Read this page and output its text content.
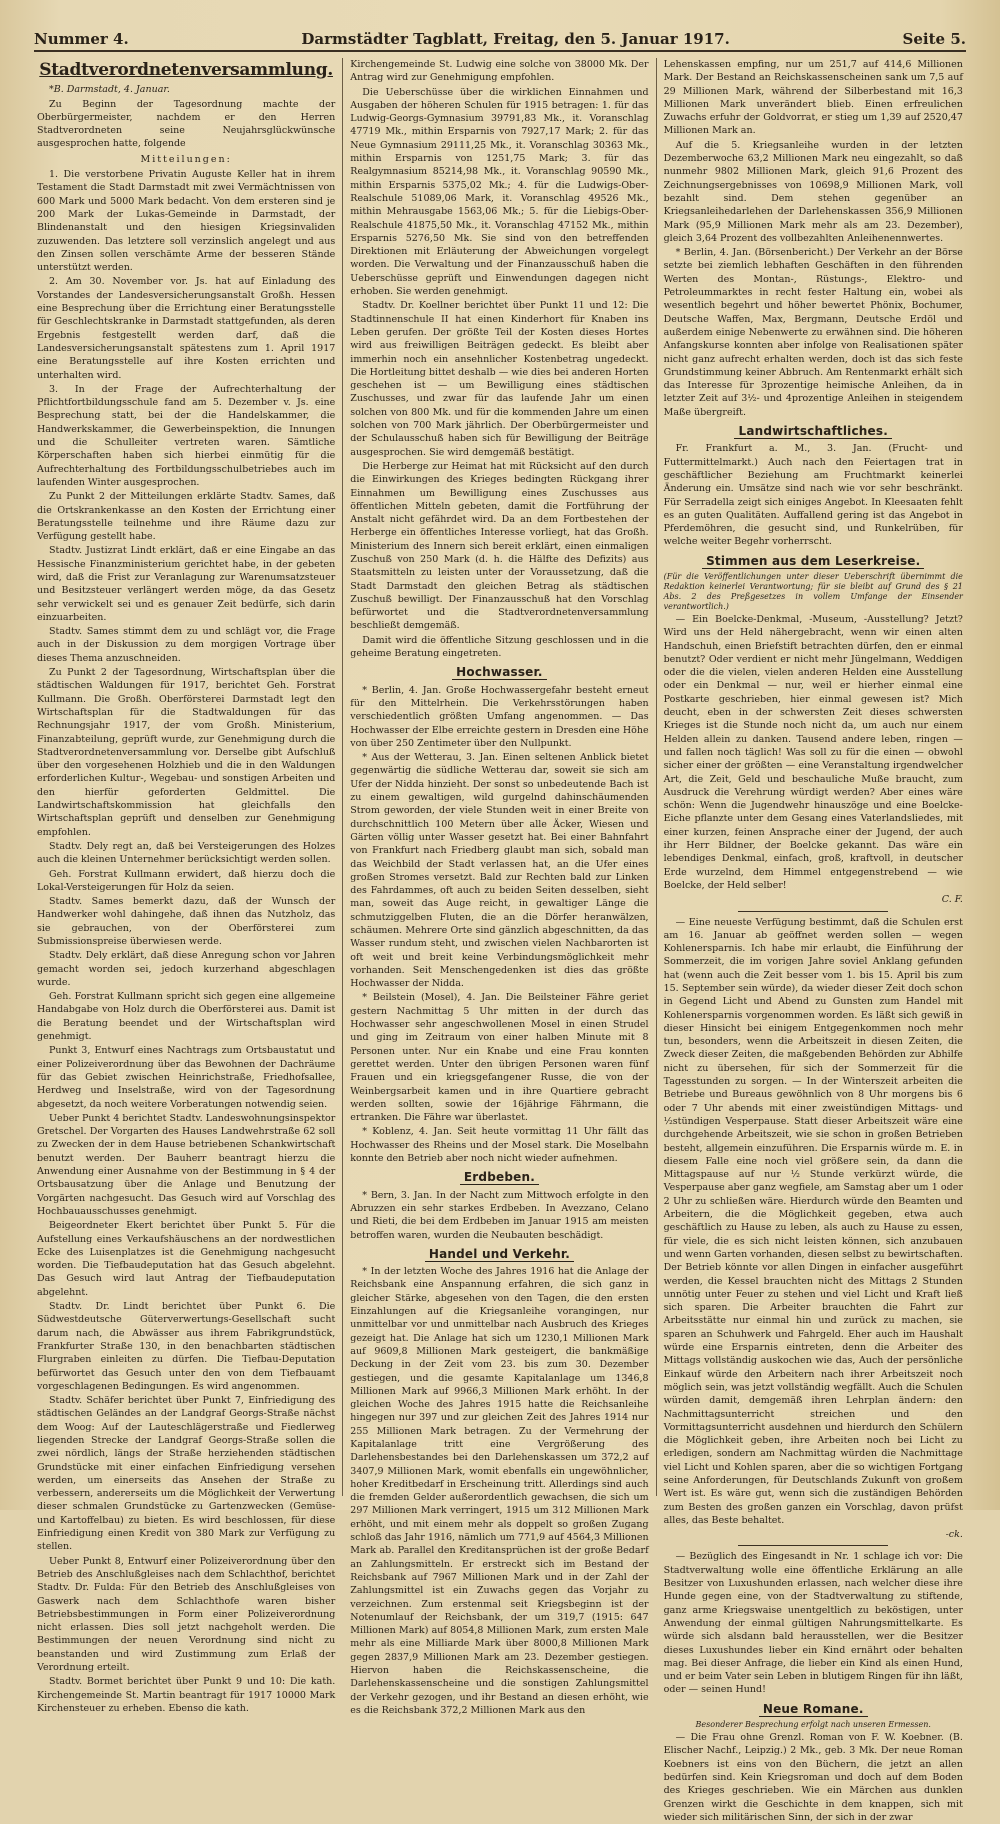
Nummer 4.	Darmstädter Tagblatt, Freitag, den 5. Januar 1917.	Seite 5.
Stadtverordnetenversammlung.

*B. Darmstadt, 4. Januar.

Zu Beginn der Tagesordnung machte der Oberbürgermeister, nachdem er den Herren Stadtverordneten seine Neujahrsglückwünsche ausgesprochen hatte, folgende

Mitteilungen:

1. Die verstorbene Privatin Auguste Keller hat in ihrem Testament die Stadt Darmstadt mit zwei Vermächtnissen von 600 Mark und 5000 Mark bedacht. Von dem ersteren sind je 200 Mark der Lukas-Gemeinde in Darmstadt, der Blindenanstalt und den hiesigen Kriegsinvaliden zuzuwenden. Das letztere soll verzinslich angelegt und aus den Zinsen sollen verschämte Arme der besseren Stände unterstützt werden.

2. Am 30. November vor. Js. hat auf Einladung des Vorstandes der Landesversicherungsanstalt Großh. Hessen eine Besprechung über die Errichtung einer Beratungsstelle für Geschlechtskranke in Darmstadt stattgefunden, als deren Ergebnis festgestellt werden darf, daß die Landesversicherungsanstalt spätestens zum 1. April 1917 eine Beratungsstelle auf ihre Kosten errichten und unterhalten wird.

3. In der Frage der Aufrechterhaltung der Pflichtfortbildungsschule fand am 5. Dezember v. Js. eine Besprechung statt, bei der die Handelskammer, die Handwerkskammer, die Gewerbeinspektion, die Innungen und die Schulleiter vertreten waren. Sämtliche Körperschaften haben sich hierbei einmütig für die Aufrechterhaltung des Fortbildungsschulbetriebes auch im laufenden Winter ausgesprochen.

Zu Punkt 2 der Mitteilungen erklärte Stadtv. Sames, daß die Ortskrankenkasse an den Kosten der Errichtung einer Beratungsstelle teilnehme und ihre Räume dazu zur Verfügung gestellt habe.

Stadtv. Justizrat Lindt erklärt, daß er eine Eingabe an das Hessische Finanzministerium gerichtet habe, in der gebeten wird, daß die Frist zur Veranlagung zur Warenumsatzsteuer und Besitzsteuer verlängert werden möge, da das Gesetz sehr verwickelt sei und es genauer Zeit bedürfe, sich darin einzuarbeiten.

Stadtv. Sames stimmt dem zu und schlägt vor, die Frage auch in der Diskussion zu dem morgigen Vortrage über dieses Thema anzuschneiden.

Zu Punkt 2 der Tagesordnung, Wirtschaftsplan über die städtischen Waldungen für 1917, berichtet Geh. Forstrat Kullmann. Die Großh. Oberförsterei Darmstadt legt den Wirtschaftsplan für die Stadtwaldungen für das Rechnungsjahr 1917, der vom Großh. Ministerium, Finanzabteilung, geprüft wurde, zur Genehmigung durch die Stadtverordnetenversammlung vor. Derselbe gibt Aufschluß über den vorgesehenen Holzhieb und die in den Waldungen erforderlichen Kultur-, Wegebau- und sonstigen Arbeiten und den hierfür geforderten Geldmittel. Die Landwirtschaftskommission hat gleichfalls den Wirtschaftsplan geprüft und denselben zur Genehmigung empfohlen.

Stadtv. Dely regt an, daß bei Versteigerungen des Holzes auch die kleinen Unternehmer berücksichtigt werden sollen.

Geh. Forstrat Kullmann erwidert, daß hierzu doch die Lokal-Versteigerungen für Holz da seien.

Stadtv. Sames bemerkt dazu, daß der Wunsch der Handwerker wohl dahingehe, daß ihnen das Nutzholz, das sie gebrauchen, von der Oberförsterei zum Submissionspreise überwiesen werde.

Stadtv. Dely erklärt, daß diese Anregung schon vor Jahren gemacht worden sei, jedoch kurzerhand abgeschlagen wurde.

Geh. Forstrat Kullmann spricht sich gegen eine allgemeine Handabgabe von Holz durch die Oberförsterei aus. Damit ist die Beratung beendet und der Wirtschaftsplan wird genehmigt.

Punkt 3, Entwurf eines Nachtrags zum Ortsbaustatut und einer Polizeiverordnung über das Bewohnen der Dachräume für das Gebiet zwischen Heinrichstraße, Friedhofsallee, Herdweg und Inselstraße, wird von der Tagesordnung abgesetzt, da noch weitere Vorberatungen notwendig seien.

Ueber Punkt 4 berichtet Stadtv. Landeswohnungsinspektor Gretschel. Der Vorgarten des Hauses Landwehrstraße 62 soll zu Zwecken der in dem Hause betriebenen Schankwirtschaft benutzt werden. Der Bauherr beantragt hierzu die Anwendung einer Ausnahme von der Bestimmung in § 4 der Ortsbausatzung über die Anlage und Benutzung der Vorgärten nachgesucht. Das Gesuch wird auf Vorschlag des Hochbauausschusses genehmigt.

Beigeordneter Ekert berichtet über Punkt 5. Für die Aufstellung eines Verkaufshäuschens an der nordwestlichen Ecke des Luisenplatzes ist die Genehmigung nachgesucht worden. Die Tiefbaudeputation hat das Gesuch abgelehnt. Das Gesuch wird laut Antrag der Tiefbaudeputation abgelehnt.

Stadtv. Dr. Lindt berichtet über Punkt 6. Die Südwestdeutsche Güterverwertungs-Gesellschaft sucht darum nach, die Abwässer aus ihrem Fabrikgrundstück, Frankfurter Straße 130, in den benachbarten städtischen Flurgraben einleiten zu dürfen. Die Tiefbau-Deputation befürwortet das Gesuch unter den von dem Tiefbauamt vorgeschlagenen Bedingungen. Es wird angenommen.

Stadtv. Schäfer berichtet über Punkt 7, Einfriedigung des städtischen Geländes an der Landgraf Georgs-Straße nächst dem Woog: Auf der Lauteschlägerstraße und Fiedlerweg liegenden Strecke der Landgraf Georgs-Straße sollen die zwei nördlich, längs der Straße herziehenden städtischen Grundstücke mit einer einfachen Einfriedigung versehen werden, um einerseits das Ansehen der Straße zu verbessern, andererseits um die Möglichkeit der Verwertung dieser schmalen Grundstücke zu Gartenzwecken (Gemüse- und Kartoffelbau) zu bieten. Es wird beschlossen, für diese Einfriedigung einen Kredit von 380 Mark zur Verfügung zu stellen.

Ueber Punkt 8, Entwurf einer Polizeiverordnung über den Betrieb des Anschlußgleises nach dem Schlachthof, berichtet Stadtv. Dr. Fulda: Für den Betrieb des Anschlußgleises von Gaswerk nach dem Schlachthofe waren bisher Betriebsbestimmungen in Form einer Polizeiverordnung nicht erlassen. Dies soll jetzt nachgeholt werden. Die Bestimmungen der neuen Verordnung sind nicht zu beanstanden und wird Zustimmung zum Erlaß der Verordnung erteilt.

Stadtv. Bormet berichtet über Punkt 9 und 10: Die kath. Kirchengemeinde St. Martin beantragt für 1917 10000 Mark Kirchensteuer zu erheben. Ebenso die kath.

Kirchengemeinde St. Ludwig eine solche von 38000 Mk. Der Antrag wird zur Genehmigung empfohlen.

Die Ueberschüsse über die wirklichen Einnahmen und Ausgaben der höheren Schulen für 1915 betragen: 1. für das Ludwig-Georgs-Gymnasium 39791,83 Mk., it. Voranschlag 47719 Mk., mithin Ersparnis von 7927,17 Mark; 2. für das Neue Gymnasium 29111,25 Mk., it. Voranschlag 30363 Mk., mithin Ersparnis von 1251,75 Mark; 3. für das Realgymnasium 85214,98 Mk., it. Voranschlag 90590 Mk., mithin Ersparnis 5375,02 Mk.; 4. für die Ludwigs-Ober-Realschule 51089,06 Mark, it. Voranschlag 49526 Mk., mithin Mehrausgabe 1563,06 Mk.; 5. für die Liebigs-Ober-Realschule 41875,50 Mk., it. Voranschlag 47152 Mk., mithin Ersparnis 5276,50 Mk. Sie sind von den betreffenden Direktionen mit Erläuterung der Abweichungen vorgelegt worden. Die Verwaltung und der Finanzausschuß haben die Ueberschüsse geprüft und Einwendungen dagegen nicht erhoben. Sie werden genehmigt.

Stadtv. Dr. Koellner berichtet über Punkt 11 und 12: Die Stadtinnenschule II hat einen Kinderhort für Knaben ins Leben gerufen. Der größte Teil der Kosten dieses Hortes wird aus freiwilligen Beiträgen gedeckt. Es bleibt aber immerhin noch ein ansehnlicher Kostenbetrag ungedeckt. Die Hortleitung bittet deshalb — wie dies bei anderen Horten geschehen ist — um Bewilligung eines städtischen Zuschusses, und zwar für das laufende Jahr um einen solchen von 800 Mk. und für die kommenden Jahre um einen solchen von 700 Mark jährlich. Der Oberbürgermeister und der Schulausschuß haben sich für Bewilligung der Beiträge ausgesprochen. Sie wird demgemäß bestätigt.

Die Herberge zur Heimat hat mit Rücksicht auf den durch die Einwirkungen des Krieges bedingten Rückgang ihrer Einnahmen um Bewilligung eines Zuschusses aus öffentlichen Mitteln gebeten, damit die Fortführung der Anstalt nicht gefährdet wird. Da an dem Fortbestehen der Herberge ein öffentliches Interesse vorliegt, hat das Großh. Ministerium des Innern sich bereit erklärt, einen einmaligen Zuschuß von 250 Mark (d. h. die Hälfte des Defizits) aus Staatsmitteln zu leisten unter der Voraussetzung, daß die Stadt Darmstadt den gleichen Betrag als städtischen Zuschuß bewilligt. Der Finanzausschuß hat den Vorschlag befürwortet und die Stadtverordnetenversammlung beschließt demgemäß.

Damit wird die öffentliche Sitzung geschlossen und in die geheime Beratung eingetreten.

Hochwasser.

* Berlin, 4. Jan. Große Hochwassergefahr besteht erneut für den Mittelrhein. Die Verkehrsstörungen haben verschiedentlich größten Umfang angenommen. — Das Hochwasser der Elbe erreichte gestern in Dresden eine Höhe von über 250 Zentimeter über den Nullpunkt.

* Aus der Wetterau, 3. Jan. Einen seltenen Anblick bietet gegenwärtig die südliche Wetterau dar, soweit sie sich am Ufer der Nidda hinzieht. Der sonst so unbedeutende Bach ist zu einem gewaltigen, wild gurgelnd dahinschäumenden Strom geworden, der viele Stunden weit in einer Breite von durchschnittlich 100 Metern über alle Äcker, Wiesen und Gärten völlig unter Wasser gesetzt hat. Bei einer Bahnfahrt von Frankfurt nach Friedberg glaubt man sich, sobald man das Weichbild der Stadt verlassen hat, an die Ufer eines großen Stromes versetzt. Bald zur Rechten bald zur Linken des Fahrdammes, oft auch zu beiden Seiten desselben, sieht man, soweit das Auge reicht, in gewaltiger Länge die schmutziggelben Fluten, die an die Dörfer heranwälzen, schäumen. Mehrere Orte sind gänzlich abgeschnitten, da das Wasser rundum steht, und zwischen vielen Nachbarorten ist oft weit und breit keine Verbindungsmöglichkeit mehr vorhanden. Seit Menschengedenken ist dies das größte Hochwasser der Nidda.

* Beilstein (Mosel), 4. Jan. Die Beilsteiner Fähre geriet gestern Nachmittag 5 Uhr mitten in der durch das Hochwasser sehr angeschwollenen Mosel in einen Strudel und ging im Zeitraum von einer halben Minute mit 8 Personen unter. Nur ein Knabe und eine Frau konnten gerettet werden. Unter den übrigen Personen waren fünf Frauen und ein kriegsgefangener Russe, die von der Weinbergsarbeit kamen und in ihre Quartiere gebracht werden sollten, sowie der 16jährige Fährmann, die ertranken. Die Fähre war überlastet.

* Koblenz, 4. Jan. Seit heute vormittag 11 Uhr fällt das Hochwasser des Rheins und der Mosel stark. Die Moselbahn konnte den Betrieb aber noch nicht wieder aufnehmen.

Erdbeben.

* Bern, 3. Jan. In der Nacht zum Mittwoch erfolgte in den Abruzzen ein sehr starkes Erdbeben. In Avezzano, Celano und Rieti, die bei dem Erdbeben im Januar 1915 am meisten betroffen waren, wurden die Neubauten beschädigt.

Handel und Verkehr.

* In der letzten Woche des Jahres 1916 hat die Anlage der Reichsbank eine Anspannung erfahren, die sich ganz in gleicher Stärke, abgesehen von den Tagen, die den ersten Einzahlungen auf die Kriegsanleihe vorangingen, nur unmittelbar vor und unmittelbar nach Ausbruch des Krieges gezeigt hat. Die Anlage hat sich um 1230,1 Millionen Mark auf 9609,8 Millionen Mark gesteigert, die bankmäßige Deckung in der Zeit vom 23. bis zum 30. Dezember gestiegen, und die gesamte Kapitalanlage um 1346,8 Millionen Mark auf 9966,3 Millionen Mark erhöht. In der gleichen Woche des Jahres 1915 hatte die Reichsanleihe hingegen nur 397 und zur gleichen Zeit des Jahres 1914 nur 255 Millionen Mark betragen. Zu der Vermehrung der Kapitalanlage tritt eine Vergrößerung des Darlehensbestandes bei den Darlehenskassen um 372,2 auf 3407,9 Millionen Mark, womit ebenfalls ein ungewöhnlicher, hoher Kreditbedarf in Erscheinung tritt. Allerdings sind auch die fremden Gelder außerordentlich gewachsen, die sich um 297 Millionen Mark verringert, 1915 um 312 Millionen Mark erhöht, und mit einem mehr als doppelt so großen Zugang schloß das Jahr 1916, nämlich um 771,9 auf 4564,3 Millionen Mark ab. Parallel den Kreditansprüchen ist der große Bedarf an Zahlungsmitteln. Er erstreckt sich im Bestand der Reichsbank auf 7967 Millionen Mark und in der Zahl der Zahlungsmittel ist ein Zuwachs gegen das Vorjahr zu verzeichnen. Zum erstenmal seit Kriegsbeginn ist der Notenumlauf der Reichsbank, der um 319,7 (1915: 647 Millionen Mark) auf 8054,8 Millionen Mark, zum ersten Male mehr als eine Milliarde Mark über 8000,8 Millionen Mark gegen 2837,9 Millionen Mark am 23. Dezember gestiegen. Hiervon haben die Reichskassenscheine, die Darlehenskassenscheine und die sonstigen Zahlungsmittel der Verkehr gezogen, und ihr Bestand an diesen erhöht, wie es die Reichsbank 372,2 Millionen Mark aus den

Lehenskassen empfing, nur um 251,7 auf 414,6 Millionen Mark. Der Bestand an Reichskassenscheinen sank um 7,5 auf 29 Millionen Mark, während der Silberbestand mit 16,3 Millionen Mark unverändert blieb. Einen erfreulichen Zuwachs erfuhr der Goldvorrat, er stieg um 1,39 auf 2520,47 Millionen Mark an.

Auf die 5. Kriegsanleihe wurden in der letzten Dezemberwoche 63,2 Millionen Mark neu eingezahlt, so daß nunmehr 9802 Millionen Mark, gleich 91,6 Prozent des Zeichnungsergebnisses von 10698,9 Millionen Mark, voll bezahlt sind. Dem stehen gegenüber an Kriegsanleihedarlehen der Darlehenskassen 356,9 Millionen Mark (95,9 Millionen Mark mehr als am 23. Dezember), gleich 3,64 Prozent des vollbezahlten Anleihenennwertes.

* Berlin, 4. Jan. (Börsenbericht.) Der Verkehr an der Börse setzte bei ziemlich lebhaften Geschäften in den führenden Werten des Montan-, Rüstungs-, Elektro- und Petroleummarktes in recht fester Haltung ein, wobei als wesentlich begehrt und höher bewertet Phönix, Bochumer, Deutsche Waffen, Max, Bergmann, Deutsche Erdöl und außerdem einige Nebenwerte zu erwähnen sind. Die höheren Anfangskurse konnten aber infolge von Realisationen später nicht ganz aufrecht erhalten werden, doch ist das sich feste Grundstimmung keiner Abbruch. Am Rentenmarkt erhält sich das Interesse für 3prozentige heimische Anleihen, da in letzter Zeit auf 3½- und 4prozentige Anleihen in steigendem Maße übergreift.

Landwirtschaftliches.

Fr. Frankfurt a. M., 3. Jan. (Frucht- und Futtermittelmarkt.) Auch nach den Feiertagen trat in geschäftlicher Beziehung am Fruchtmarkt keinerlei Änderung ein. Umsätze sind nach wie vor sehr beschränkt. Für Serradella zeigt sich einiges Angebot. In Kleesaaten fehlt es an guten Qualitäten. Auffallend gering ist das Angebot in Pferdemöhren, die gesucht sind, und Runkelrüben, für welche weiter Begehr vorherrscht.

Stimmen aus dem Leserkreise.

(Für die Veröffentlichungen unter dieser Ueberschrift übernimmt die Redaktion keinerlei Verantwortung; für sie bleibt auf Grund des § 21 Abs. 2 des Preßgesetzes in vollem Umfange der Einsender verantwortlich.)

— Ein Boelcke-Denkmal, -Museum, -Ausstellung? Jetzt? Wird uns der Held nähergebracht, wenn wir einen alten Handschuh, einen Briefstift betrachten dürfen, den er einmal benutzt? Oder verdient er nicht mehr Jüngelmann, Weddigen oder die die vielen, vielen anderen Helden eine Ausstellung oder ein Denkmal — nur, weil er hierher einmal eine Postkarte geschrieben, hier einmal gewesen ist? Mich deucht, eben in der schwersten Zeit dieses schwersten Krieges ist die Stunde noch nicht da, um auch nur einem Helden allein zu danken. Tausend andere leben, ringen — und fallen noch täglich! Was soll zu für die einen — obwohl sicher einer der größten — eine Veranstaltung irgendwelcher Art, die Zeit, Geld und beschauliche Muße braucht, zum Ausdruck die Verehrung würdigt werden? Aber eines wäre schön: Wenn die Jugendwehr hinauszöge und eine Boelcke-Eiche pflanzte unter dem Gesang eines Vaterlandsliedes, mit einer kurzen, feinen Ansprache einer der Jugend, der auch ihr Herr Bildner, der Boelcke gekannt. Das wäre ein lebendiges Denkmal, einfach, groß, kraftvoll, in deutscher Erde wurzelnd, dem Himmel entgegenstrebend — wie Boelcke, der Held selber!

C. F.

— Eine neueste Verfügung bestimmt, daß die Schulen erst am 16. Januar ab geöffnet werden sollen — wegen Kohlenersparnis. Ich habe mir erlaubt, die Einführung der Sommerzeit, die im vorigen Jahre soviel Anklang gefunden hat (wenn auch die Zeit besser vom 1. bis 15. April bis zum 15. September sein würde), da wieder dieser Zeit doch schon in Gegend Licht und Abend zu Gunsten zum Handel mit Kohlenersparnis vorgenommen worden. Es läßt sich gewiß in dieser Hinsicht bei einigem Entgegenkommen noch mehr tun, besonders, wenn die Arbeitszeit in diesen Zeiten, die Zweck dieser Zeiten, die maßgebenden Behörden zur Abhilfe nicht zu übersehen, für sich der Sommerzeit für die Tagesstunden zu sorgen. — In der Winterszeit arbeiten die Betriebe und Bureaus gewöhnlich von 8 Uhr morgens bis 6 oder 7 Uhr abends mit einer zweistündigen Mittags- und ½stündigen Vesperpause. Statt dieser Arbeitszeit wäre eine durchgehende Arbeitszeit, wie sie schon in großen Betrieben besteht, allgemein einzuführen. Die Ersparnis würde m. E. in diesem Falle eine noch viel größere sein, da dann die Mittagspause auf nur ½ Stunde verkürzt würde, die Vesperpause aber ganz wegfiele, am Samstag aber um 1 oder 2 Uhr zu schließen wäre. Hierdurch würde den Beamten und Arbeitern, die die Möglichkeit gegeben, etwa auch geschäftlich zu Hause zu leben, als auch zu Hause zu essen, für viele, die es sich nicht leisten können, sich anzubauen und wenn Garten vorhanden, diesen selbst zu bewirtschaften. Der Betrieb könnte vor allen Dingen in einfacher ausgeführt werden, die Kessel brauchten nicht des Mittags 2 Stunden unnötig unter Feuer zu stehen und viel Licht und Kraft ließ sich sparen. Die Arbeiter brauchten die Fahrt zur Arbeitsstätte nur einmal hin und zurück zu machen, sie sparen an Schuhwerk und Fahrgeld. Eher auch im Haushalt würde eine Ersparnis eintreten, denn die Arbeiter des Mittags vollständig auskochen wie das, Auch der persönliche Einkauf würde den Arbeitern nach ihrer Arbeitszeit noch möglich sein, was jetzt vollständig wegfällt. Auch die Schulen würden damit, demgemäß ihren Lehrplan ändern: den Nachmittagsunterricht streichen und den Vormittagsunterricht ausdehnen und hierdurch den Schülern die Möglichkeit geben, ihre Arbeiten noch bei Licht zu erledigen, sondern am Nachmittag würden die Nachmittage viel Licht und Kohlen sparen, aber die so wichtigen Fortgang seine Anforderungen, für Deutschlands Zukunft von großem Wert ist. Es wäre gut, wenn sich die zuständigen Behörden zum Besten des großen ganzen ein Vorschlag, davon prüfst alles, das Beste behaltet.

-ck.

— Bezüglich des Eingesandt in Nr. 1 schlage ich vor: Die Stadtverwaltung wolle eine öffentliche Erklärung an alle Besitzer von Luxushunden erlassen, nach welcher diese ihre Hunde gegen eine, von der Stadtverwaltung zu stiftende, ganz arme Kriegswaise unentgeltlich zu beköstigen, unter Anwendung der einmal gültigen Nahrungsmittelkarte. Es würde sich alsdann bald herausstellen, wer die Besitzer dieses Luxushundes lieber ein Kind ernährt oder behalten mag. Bei dieser Anfrage, die lieber ein Kind als einen Hund, und er beim Vater sein Leben in blutigem Ringen für ihn läßt, oder — seinen Hund!

Neue Romane.

Besonderer Besprechung erfolgt nach unseren Ermessen.

— Die Frau ohne Grenzl. Roman von F. W. Koebner. (B. Elischer Nachf., Leipzig.) 2 Mk., geb. 3 Mk. Der neue Roman Koebners ist eins von den Büchern, die jetzt an allen bedürfen sind. Kein Kriegsroman und doch auf dem Boden des Krieges geschrieben. Wie ein Märchen aus dunklen Grenzen wirkt die Geschichte in dem knappen, sich mit wieder sich militärischen Sinn, der sich in der zwar
